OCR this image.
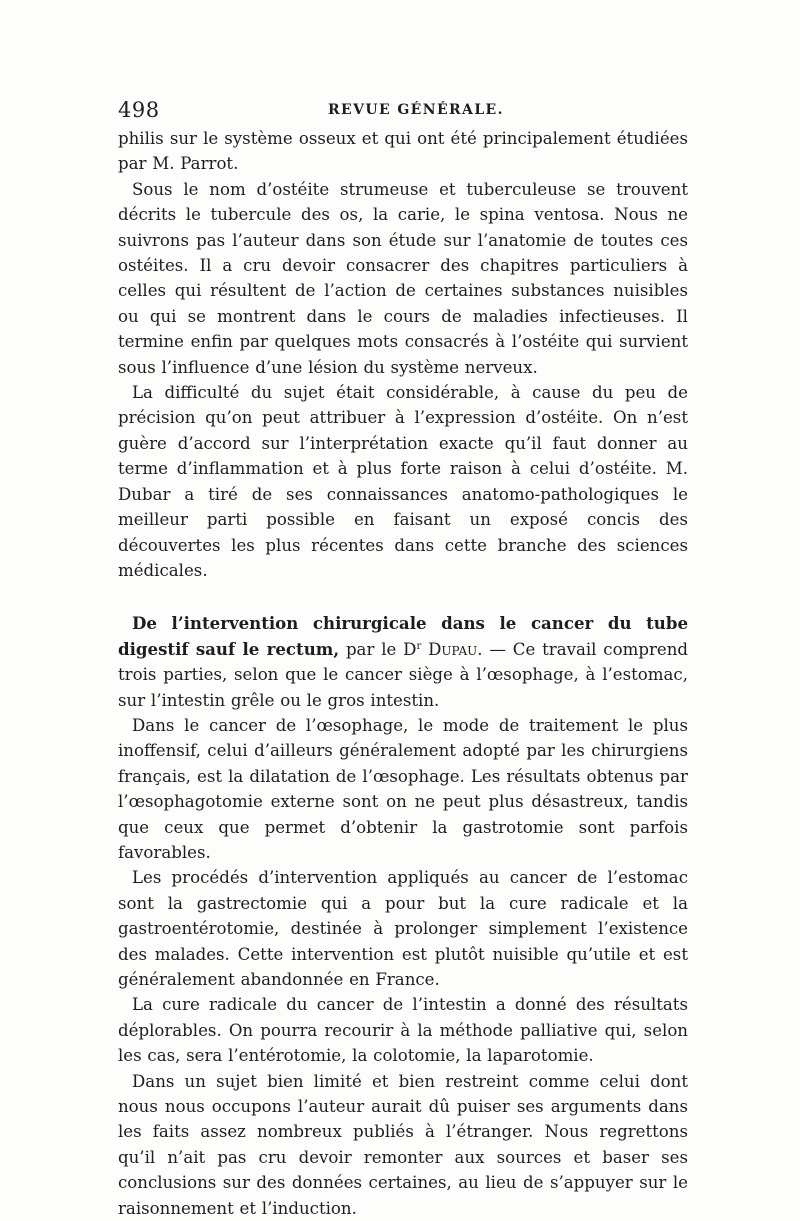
498	REVUE GÉNÉRALE.

philis sur le système osseux et qui ont été principalement étudiées par M. Parrot.

Sous le nom d’ostéite strumeuse et tuberculeuse se trouvent décrits le tubercule des os, la carie, le spina ventosa. Nous ne suivrons pas l’auteur dans son étude sur l’anatomie de toutes ces ostéites. Il a cru devoir consacrer des chapitres particuliers à celles qui résultent de l’action de certaines substances nuisibles ou qui se montrent dans le cours de maladies infectieuses. Il termine enfin par quelques mots consacrés à l’ostéite qui survient sous l’influence d’une lésion du système nerveux.

La difficulté du sujet était considérable, à cause du peu de précision qu’on peut attribuer à l’expression d’ostéite. On n’est guère d’accord sur l’interprétation exacte qu’il faut donner au terme d’inflammation et à plus forte raison à celui d’ostéite. M. Dubar a tiré de ses connaissances anatomo-pathologiques le meilleur parti possible en faisant un exposé concis des découvertes les plus récentes dans cette branche des sciences médicales.

De l’intervention chirurgicale dans le cancer du tube digestif sauf le rectum, par le $D^r$ Dupau. — Ce travail comprend trois parties, selon que le cancer siège à l’œsophage, à l’estomac, sur l’intestin grêle ou le gros intestin.

Dans le cancer de l’œsophage, le mode de traitement le plus inoffensif, celui d’ailleurs généralement adopté par les chirurgiens français, est la dilatation de l’œsophage. Les résultats obtenus par l’œsophagotomie externe sont on ne peut plus désastreux, tandis que ceux que permet d’obtenir la gastrotomie sont parfois favorables.

Les procédés d’intervention appliqués au cancer de l’estomac sont la gastrectomie qui a pour but la cure radicale et la gastroentérotomie, destinée à prolonger simplement l’existence des malades. Cette intervention est plutôt nuisible qu’utile et est généralement abandonnée en France.

La cure radicale du cancer de l’intestin a donné des résultats déplorables. On pourra recourir à la méthode palliative qui, selon les cas, sera l’entérotomie, la colotomie, la laparotomie.

Dans un sujet bien limité et bien restreint comme celui dont nous nous occupons l’auteur aurait dû puiser ses arguments dans les faits assez nombreux publiés à l’étranger. Nous regrettons qu’il n’ait pas cru devoir remonter aux sources et baser ses conclusions sur des données certaines, au lieu de s’appuyer sur le raisonnement et l’induction.
